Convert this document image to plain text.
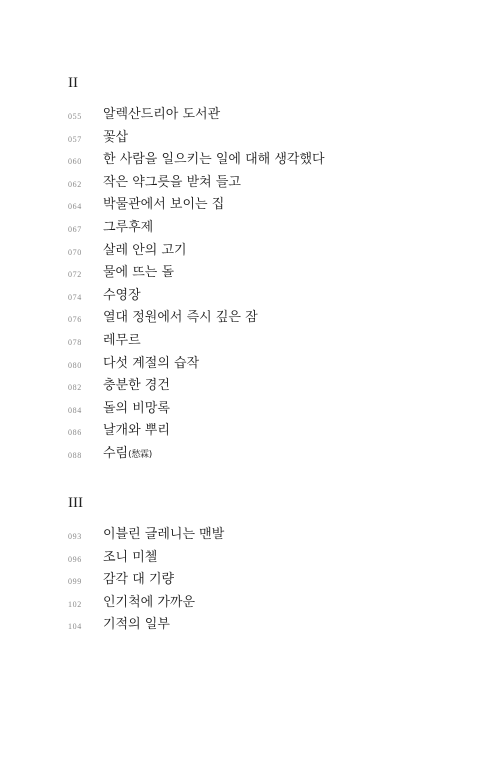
II
055 알렉산드리아 도서관
057 꽃삽
060 한 사람을 일으키는 일에 대해 생각했다
062 작은 약그릇을 받쳐 들고
064 박물관에서 보이는 집
067 그루후제
070 살레 안의 고기
072 물에 뜨는 돌
074 수영장
076 열대 정원에서 즉시 깊은 잠
078 레무르
080 다섯 계절의 습작
082 충분한 경건
084 돌의 비망록
086 날개와 뿌리
088 수림(愁霖)
III
093 이블린 글레니는 맨발
096 조니 미첼
099 감각 대 기량
102 인기척에 가까운
104 기적의 일부
